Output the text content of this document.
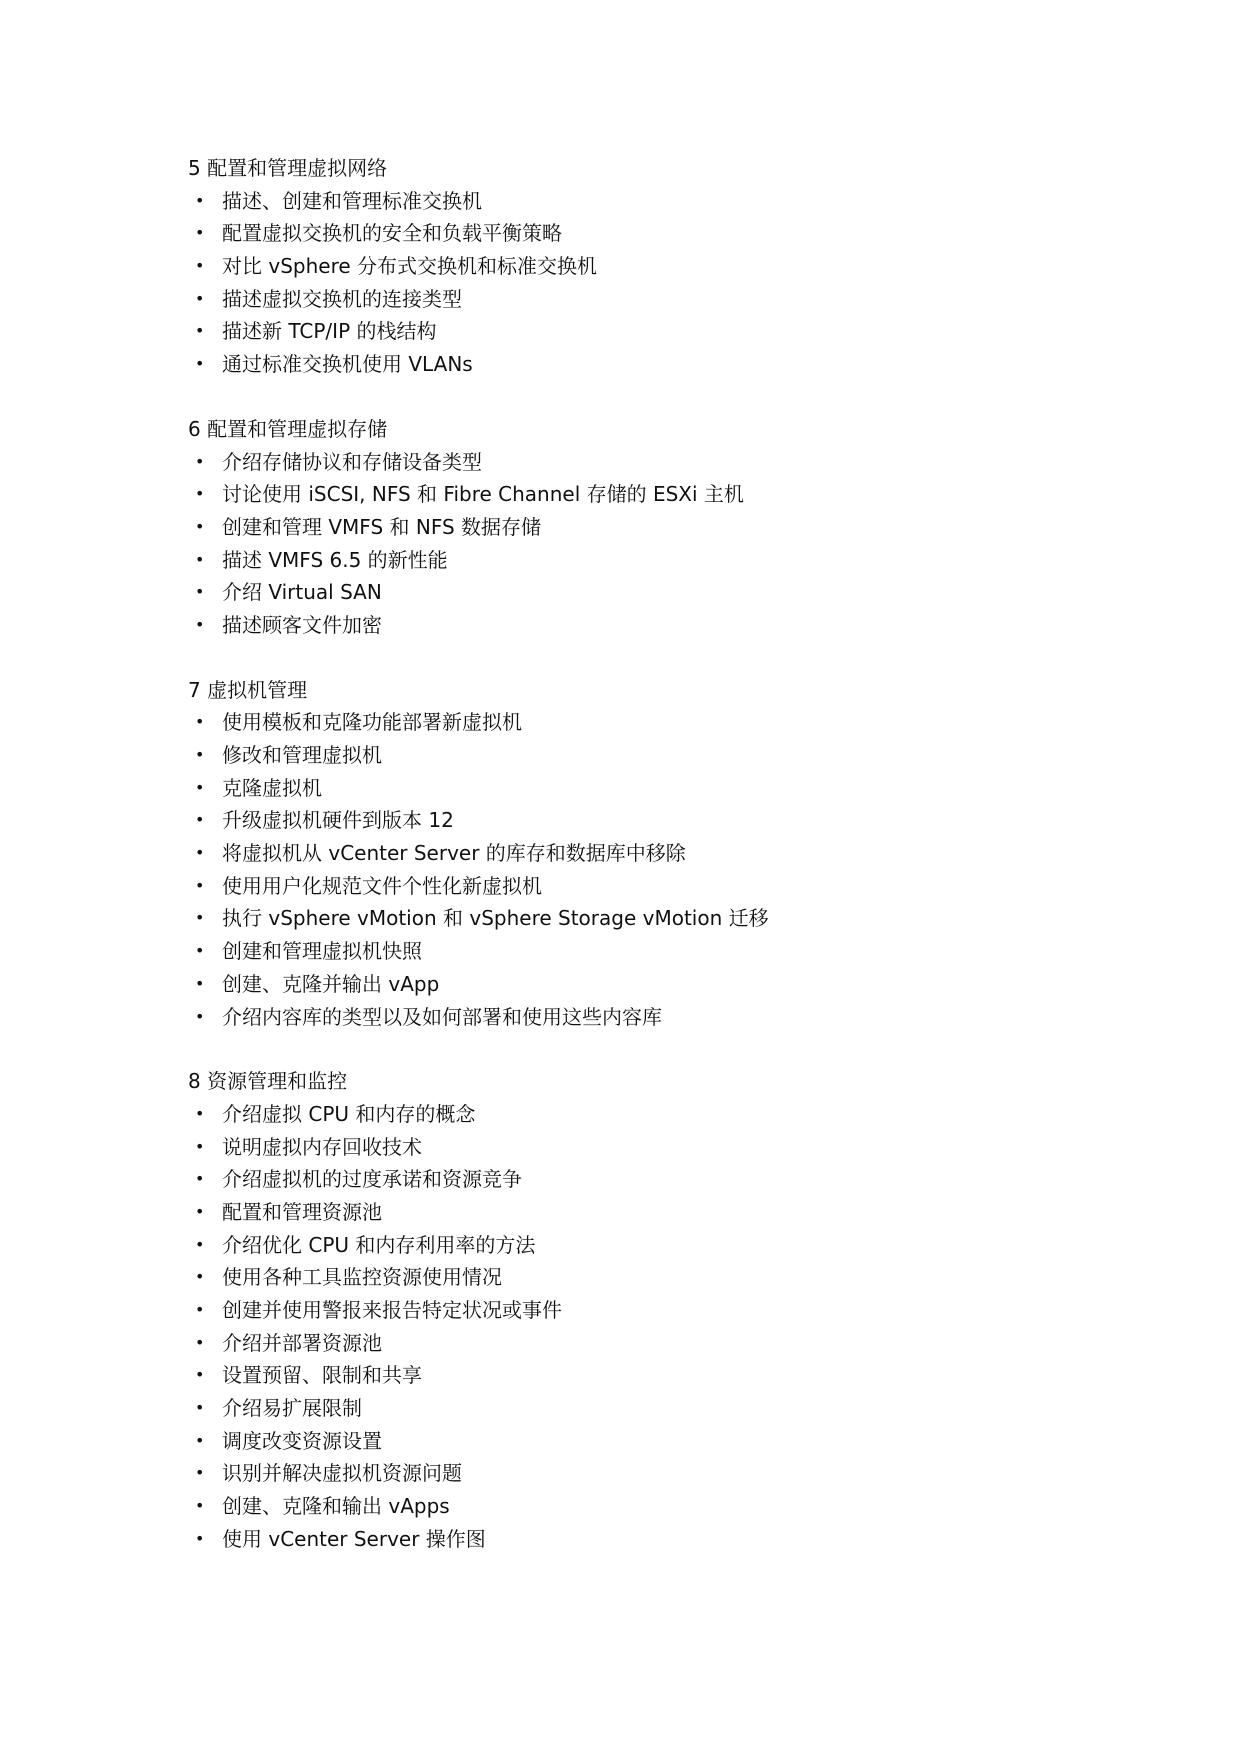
5 配置和管理虚拟网络
• 描述、创建和管理标准交换机
• 配置虚拟交换机的安全和负载平衡策略
• 对比 vSphere 分布式交换机和标准交换机
• 描述虚拟交换机的连接类型
• 描述新 TCP/IP 的栈结构
• 通过标准交换机使用 VLANs
6 配置和管理虚拟存储
• 介绍存储协议和存储设备类型
• 讨论使用 iSCSI, NFS 和 Fibre Channel 存储的 ESXi 主机
• 创建和管理 VMFS 和 NFS 数据存储
• 描述 VMFS 6.5 的新性能
• 介绍 Virtual SAN
• 描述顾客文件加密
7 虚拟机管理
• 使用模板和克隆功能部署新虚拟机
• 修改和管理虚拟机
• 克隆虚拟机
• 升级虚拟机硬件到版本 12
• 将虚拟机从 vCenter Server 的库存和数据库中移除
• 使用用户化规范文件个性化新虚拟机
• 执行 vSphere vMotion 和 vSphere Storage vMotion 迁移
• 创建和管理虚拟机快照
• 创建、克隆并输出 vApp
• 介绍内容库的类型以及如何部署和使用这些内容库
8 资源管理和监控
• 介绍虚拟 CPU 和内存的概念
• 说明虚拟内存回收技术
• 介绍虚拟机的过度承诺和资源竞争
• 配置和管理资源池
• 介绍优化 CPU 和内存利用率的方法
• 使用各种工具监控资源使用情况
• 创建并使用警报来报告特定状况或事件
• 介绍并部署资源池
• 设置预留、限制和共享
• 介绍易扩展限制
• 调度改变资源设置
• 识别并解决虚拟机资源问题
• 创建、克隆和输出 vApps
• 使用 vCenter Server 操作图
